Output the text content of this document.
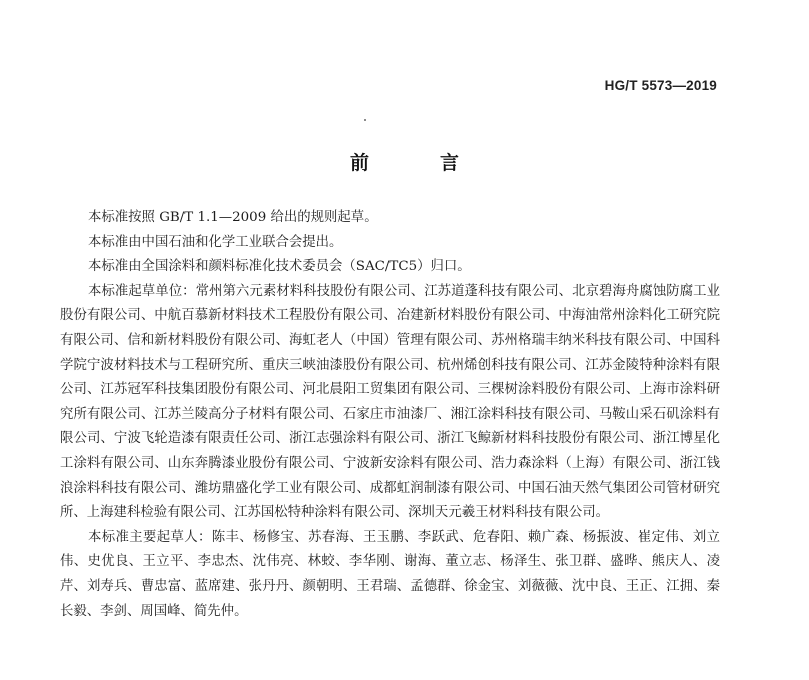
HG/T 5573—2019
前　言

本标准按照 GB/T 1.1—2009 给出的规则起草。

本标准由中国石油和化学工业联合会提出。

本标准由全国涂料和颜料标准化技术委员会（SAC/TC5）归口。

本标准起草单位：常州第六元素材料科技股份有限公司、江苏道蓬科技有限公司、北京碧海舟腐蚀防腐工业股份有限公司、中航百慕新材料技术工程股份有限公司、冶建新材料股份有限公司、中海油常州涂料化工研究院有限公司、信和新材料股份有限公司、海虹老人（中国）管理有限公司、苏州格瑞丰纳米科技有限公司、中国科学院宁波材料技术与工程研究所、重庆三峡油漆股份有限公司、杭州烯创科技有限公司、江苏金陵特种涂料有限公司、江苏冠军科技集团股份有限公司、河北晨阳工贸集团有限公司、三棵树涂料股份有限公司、上海市涂料研究所有限公司、江苏兰陵高分子材料有限公司、石家庄市油漆厂、湘江涂料科技有限公司、马鞍山采石矶涂料有限公司、宁波飞轮造漆有限责任公司、浙江志强涂料有限公司、浙江飞鲸新材料科技股份有限公司、浙江博星化工涂料有限公司、山东奔腾漆业股份有限公司、宁波新安涂料有限公司、浩力森涂料（上海）有限公司、浙江钱浪涂料科技有限公司、潍坊鼎盛化学工业有限公司、成都虹润制漆有限公司、中国石油天然气集团公司管材研究所、上海建科检验有限公司、江苏国松特种涂料有限公司、深圳天元羲王材料科技有限公司。

本标准主要起草人：陈丰、杨修宝、苏春海、王玉鹏、李跃武、危春阳、赖广森、杨振波、崔定伟、刘立伟、史优良、王立平、李忠杰、沈伟亮、林蛟、李华刚、谢海、董立志、杨泽生、张卫群、盛晔、熊庆人、凌芹、刘寿兵、曹忠富、蓝席建、张丹丹、颜朝明、王君瑞、孟德群、徐金宝、刘薇薇、沈中良、王正、江拥、秦长毅、李剑、周国峰、简先仲。
